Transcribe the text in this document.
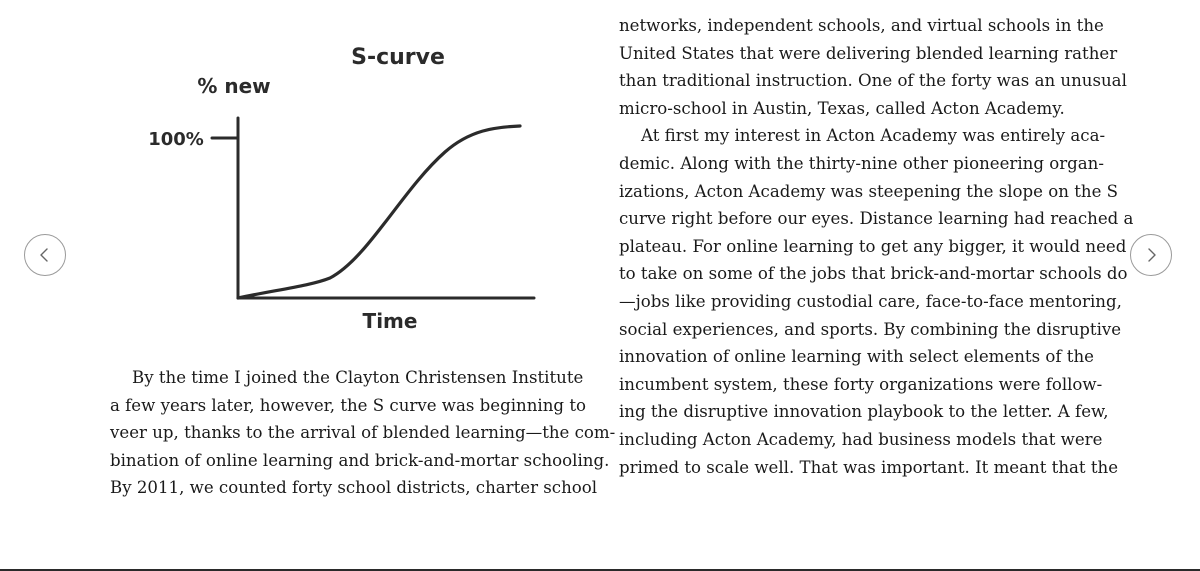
S-curve
% new
100%
Time

By the time I joined the Clayton Christensen Institute
a few years later, however, the S curve was beginning to
veer up, thanks to the arrival of blended learning—the com-
bination of online learning and brick-and-mortar schooling.
By 2011, we counted forty school districts, charter school

networks, independent schools, and virtual schools in the
United States that were delivering blended learning rather
than traditional instruction. One of the forty was an unusual
micro-school in Austin, Texas, called Acton Academy.

At first my interest in Acton Academy was entirely aca-
demic. Along with the thirty-nine other pioneering organ-
izations, Acton Academy was steepening the slope on the S
curve right before our eyes. Distance learning had reached a
plateau. For online learning to get any bigger, it would need
to take on some of the jobs that brick-and-mortar schools do
—jobs like providing custodial care, face-to-face mentoring,
social experiences, and sports. By combining the disruptive
innovation of online learning with select elements of the
incumbent system, these forty organizations were follow-
ing the disruptive innovation playbook to the letter. A few,
including Acton Academy, had business models that were
primed to scale well. That was important. It meant that the
